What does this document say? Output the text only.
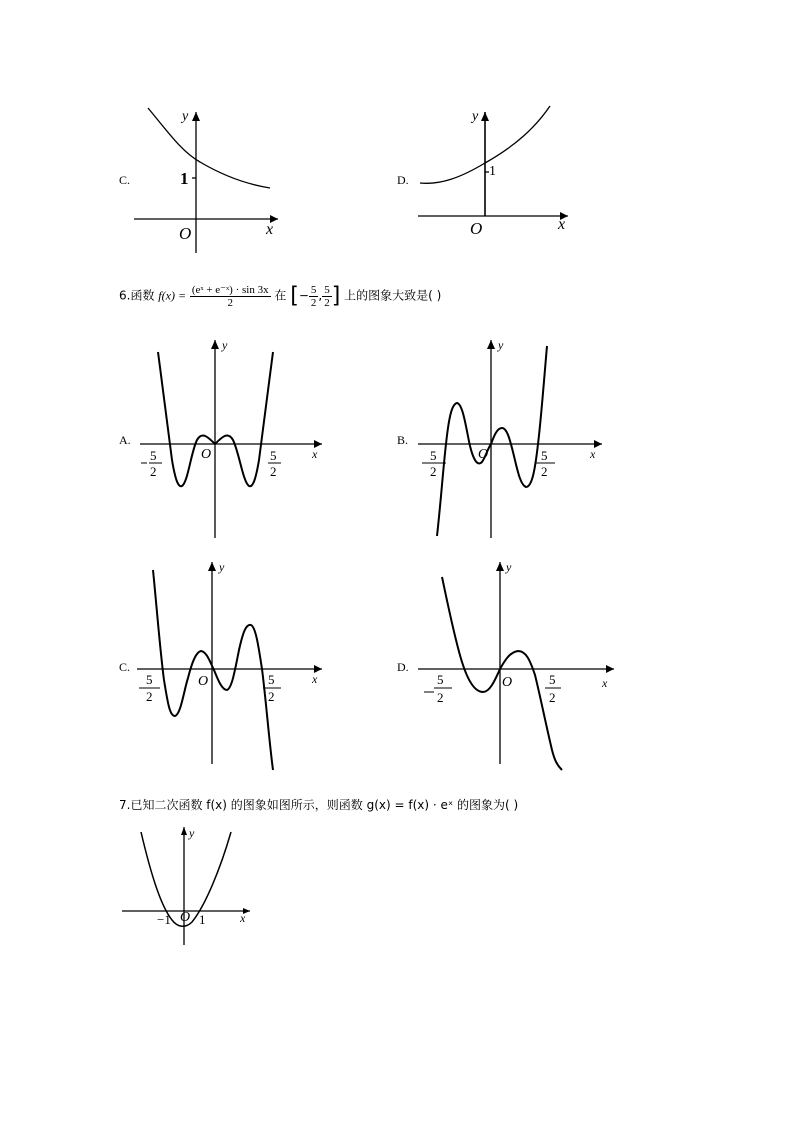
C.
y
x
O
1	D.
y
x
O
1
6.函数 $f(x) = \frac{\text{(eˣ + e⁻ˣ) · sin 3x}}{2}$ 在 [− $\frac{5}{2}$ , $\frac{5}{2}$ ] 上的图象大致是( )
A.
y
x
O
5
2
5
2
B.
y
x
O
5
2
5
2
C.
y
x
O
5
2
5
2
D.
y
x
O
5
2
5
2
7.已知二次函数 f(x) 的图象如图所示，则函数 g(x) = f(x) · eˣ 的图象为( )
y
x
O
−1 1
